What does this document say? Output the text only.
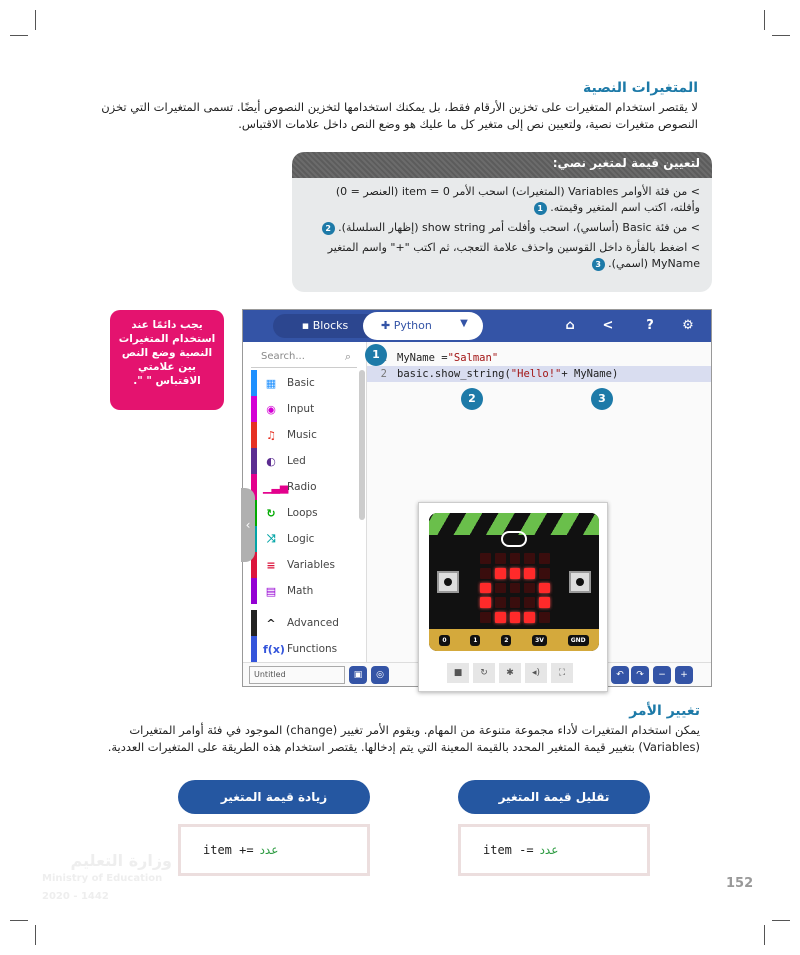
المتغيرات النصية
لا يقتصر استخدام المتغيرات على تخزين الأرقام فقط، بل يمكنك استخدامها لتخزين النصوص أيضًا. تسمى المتغيرات التي تخزن النصوص متغيرات نصية، ولتعيين نص إلى متغير كل ما عليك هو وضع النص داخل علامات الاقتباس.
لتعيين قيمة لمتغير نصي:
> من فئة الأوامر Variables (المتغيرات) اسحب الأمر item = 0 (العنصر = 0) وأفلته، اكتب اسم المتغير وقيمته. 1
> من فئة Basic (أساسي)، اسحب وأفلت أمر show string (إظهار السلسلة). 2
> اضغط بالفأرة داخل القوسين واحذف علامة التعجب، ثم اكتب "+" واسم المتغير MyName (اسمي). 3
يجب دائمًا عند استخدام المتغيرات النصية وضع النص بين علامتي الاقتباس " ".
▪ Blocks	✚ Python	▼	⌂	<	?	⚙
Search...	⌕
▦ Basic
◉	Input
♫ Music
◐	Led
▁▃▅
Radio
↻	Loops
⤨	Logic
≡	Variables
▤ Math
^	Advanced
f(x) Functions
‹
MyName = "Salman"
2 basic.show_string( "Hello!" + MyName)
1
2	3
Untitled	▣	◎	↶	↷	−	+
0	1	2	3V	GND
■	↻	✱	◂)	⛶
تغيير الأمر
يمكن استخدام المتغيرات لأداء مجموعة متنوعة من المهام. ويقوم الأمر تغيير (change) الموجود في فئة أوامر المتغيرات (Variables) بتغيير قيمة المتغير المحدد بالقيمة المعينة التي يتم إدخالها. يقتصر استخدام هذه الطريقة على المتغيرات العددية.
تقليل قيمة المتغير
item -= عدد
زيادة قيمة المتغير
item += عدد
وزارة التعليم
Ministry of Education
2020 - 1442
152
